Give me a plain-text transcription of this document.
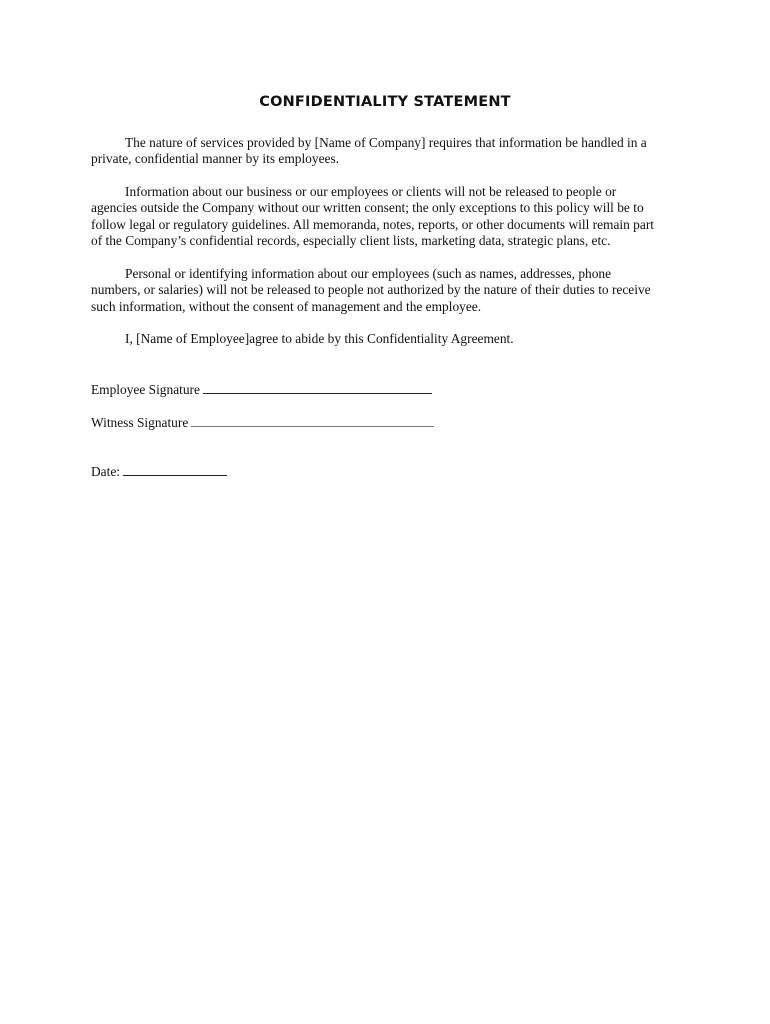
CONFIDENTIALITY STATEMENT

The nature of services provided by [Name of Company] requires that information be handled in a
private, confidential manner by its employees.

Information about our business or our employees or clients will not be released to people or
agencies outside the Company without our written consent; the only exceptions to this policy will be to
follow legal or regulatory guidelines. All memoranda, notes, reports, or other documents will remain part
of the Company’s confidential records, especially client lists, marketing data, strategic plans, etc.

Personal or identifying information about our employees (such as names, addresses, phone
numbers, or salaries) will not be released to people not authorized by the nature of their duties to receive
such information, without the consent of management and the employee.

I, [Name of Employee]agree to abide by this Confidentiality Agreement.

Employee Signature
Witness Signature
Date:
